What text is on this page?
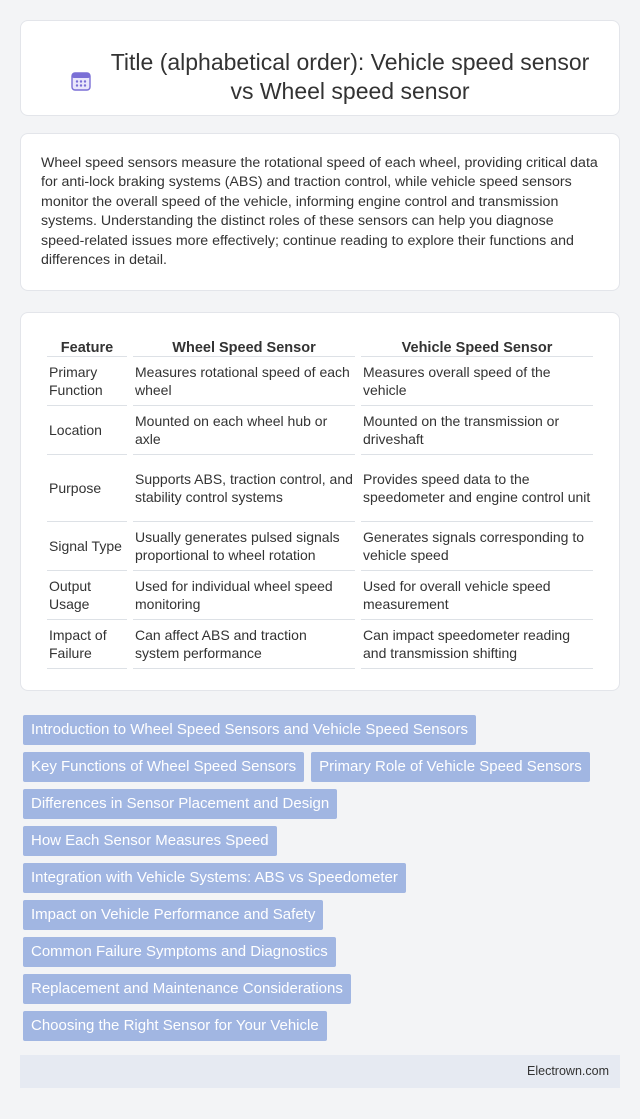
Title (alphabetical order): Vehicle speed sensor vs Wheel speed sensor

Wheel speed sensors measure the rotational speed of each wheel, providing critical data for anti-lock braking systems (ABS) and traction control, while vehicle speed sensors monitor the overall speed of the vehicle, informing engine control and transmission systems. Understanding the distinct roles of these sensors can help you diagnose speed-related issues more effectively; continue reading to explore their functions and differences in detail.

Feature	Wheel Speed Sensor	Vehicle Speed Sensor
Primary Function	Measures rotational speed of each wheel	Measures overall speed of the vehicle
Location	Mounted on each wheel hub or axle	Mounted on the transmission or driveshaft
Purpose	Supports ABS, traction control, and stability control systems	Provides speed data to the speedometer and engine control unit
Signal Type	Usually generates pulsed signals proportional to wheel rotation	Generates signals corresponding to vehicle speed
Output Usage	Used for individual wheel speed monitoring	Used for overall vehicle speed measurement
Impact of Failure	Can affect ABS and traction system performance	Can impact speedometer reading and transmission shifting
Introduction to Wheel Speed Sensors and Vehicle Speed Sensors
Key Functions of Wheel Speed Sensors	Primary Role of Vehicle Speed Sensors
Differences in Sensor Placement and Design
How Each Sensor Measures Speed
Integration with Vehicle Systems: ABS vs Speedometer
Impact on Vehicle Performance and Safety
Common Failure Symptoms and Diagnostics
Replacement and Maintenance Considerations
Choosing the Right Sensor for Your Vehicle
Electrown.com
